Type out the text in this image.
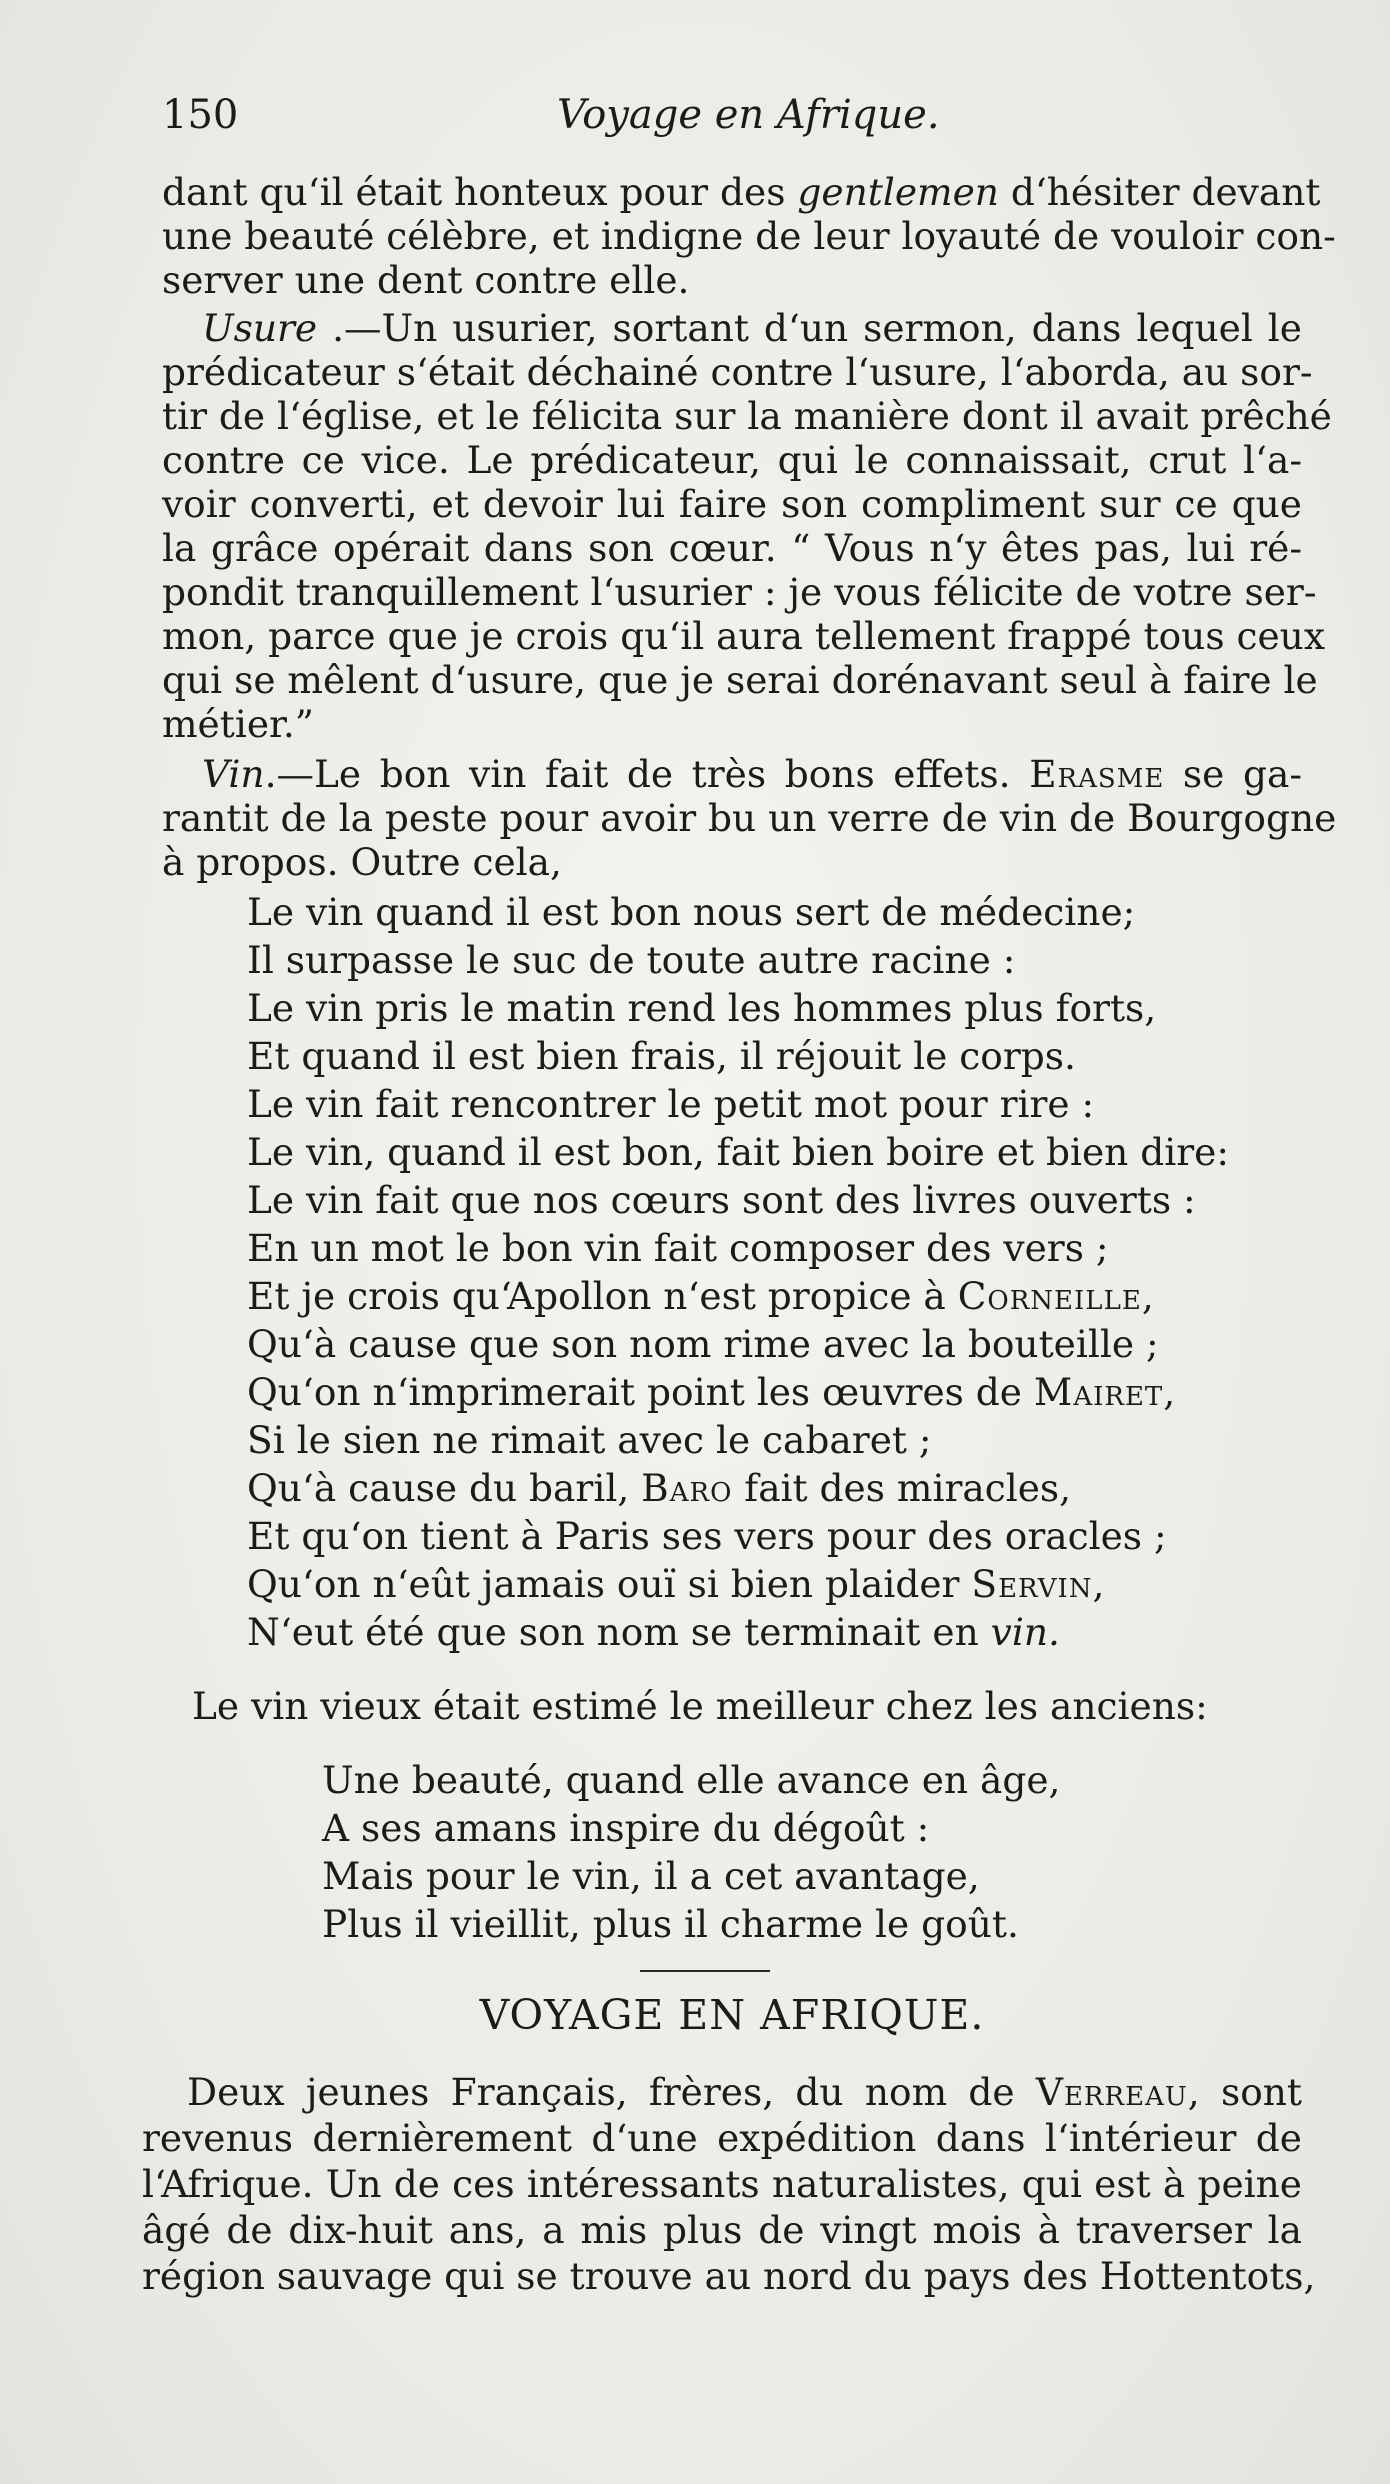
150	Voyage en Afrique.
dant qu‘il était honteux pour des gentlemen d‘hésiter devant
une beauté célèbre, et indigne de leur loyauté de vouloir con-
server une dent contre elle.
Usure .—Un usurier, sortant d‘un sermon, dans lequel le
prédicateur s‘était déchainé contre l‘usure, l‘aborda, au sor-
tir de l‘église, et le félicita sur la manière dont il avait prêché
contre ce vice. Le prédicateur, qui le connaissait, crut l‘a-
voir converti, et devoir lui faire son compliment sur ce que
la grâce opérait dans son cœur. “ Vous n‘y êtes pas, lui ré-
pondit tranquillement l‘usurier : je vous félicite de votre ser-
mon, parce que je crois qu‘il aura tellement frappé tous ceux
qui se mêlent d‘usure, que je serai dorénavant seul à faire le
métier.”
Vin.—Le bon vin fait de très bons effets. Erasme se ga-
rantit de la peste pour avoir bu un verre de vin de Bourgogne
à propos. Outre cela,
Le vin quand il est bon nous sert de médecine;
Il surpasse le suc de toute autre racine :
Le vin pris le matin rend les hommes plus forts,
Et quand il est bien frais, il réjouit le corps.
Le vin fait rencontrer le petit mot pour rire :
Le vin, quand il est bon, fait bien boire et bien dire:
Le vin fait que nos cœurs sont des livres ouverts :
En un mot le bon vin fait composer des vers ;
Et je crois qu‘Apollon n‘est propice à Corneille,
Qu‘à cause que son nom rime avec la bouteille ;
Qu‘on n‘imprimerait point les œuvres de Mairet,
Si le sien ne rimait avec le cabaret ;
Qu‘à cause du baril, Baro fait des miracles,
Et qu‘on tient à Paris ses vers pour des oracles ;
Qu‘on n‘eût jamais ouï si bien plaider Servin,
N‘eut été que son nom se terminait en vin.
Le vin vieux était estimé le meilleur chez les anciens:
Une beauté, quand elle avance en âge,
A ses amans inspire du dégoût :
Mais pour le vin, il a cet avantage,
Plus il vieillit, plus il charme le goût.
VOYAGE EN AFRIQUE.
Deux jeunes Français, frères, du nom de Verreau, sont
revenus dernièrement d‘une expédition dans l‘intérieur de
l‘Afrique. Un de ces intéressants naturalistes, qui est à peine
âgé de dix-huit ans, a mis plus de vingt mois à traverser la
région sauvage qui se trouve au nord du pays des Hottentots,
